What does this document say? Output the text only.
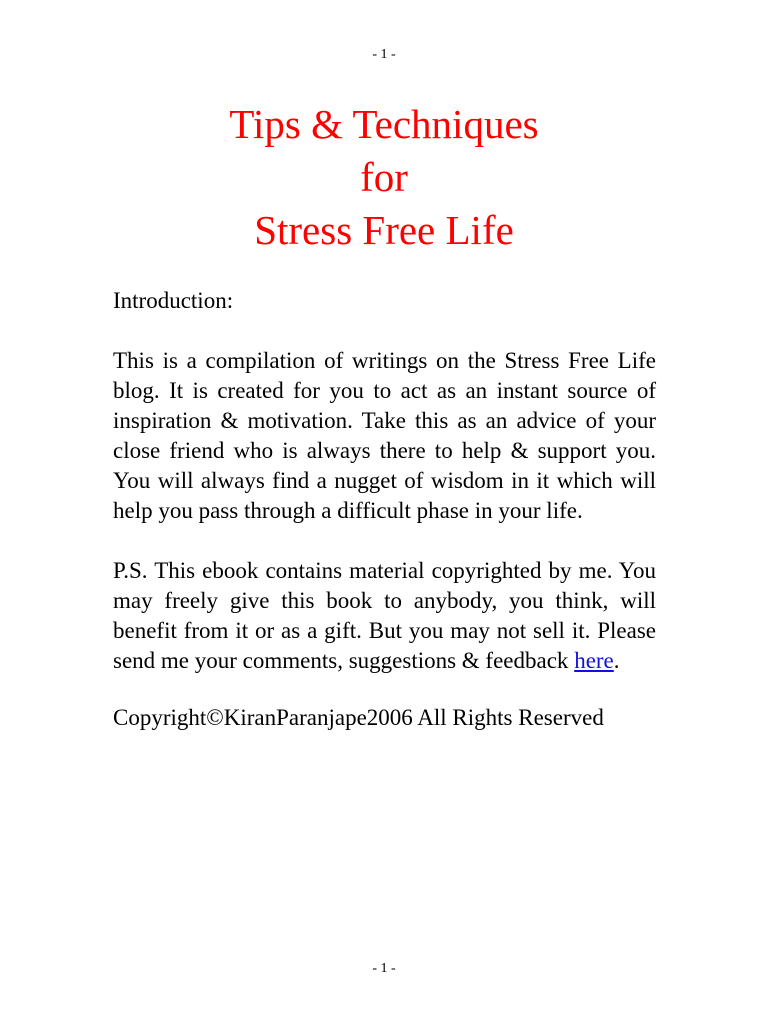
- 1 -
Tips & Techniques
for
Stress Free Life

Introduction:

This is a compilation of writings on the Stress Free Life blog. It is created for you to act as an instant source of inspiration & motivation. Take this as an advice of your close friend who is always there to help & support you. You will always find a nugget of wisdom in it which will help you pass through a difficult phase in your life.

P.S. This ebook contains material copyrighted by me. You may freely give this book to anybody, you think, will benefit from it or as a gift. But you may not sell it. Please send me your comments, suggestions & feedback here.

Copyright©KiranParanjape2006 All Rights Reserved

- 1 -
